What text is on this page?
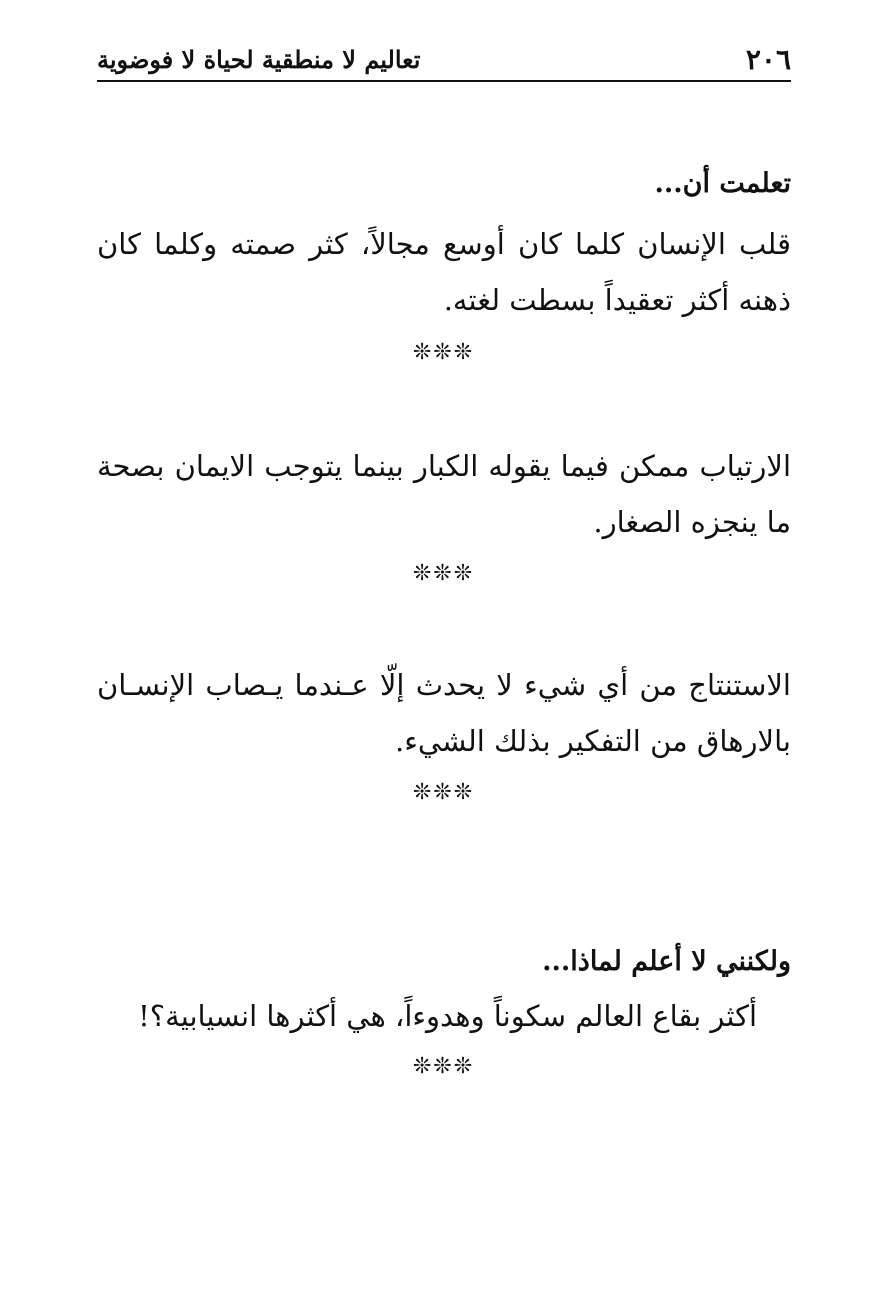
٢٠٦
تعاليم لا منطقية لحياة لا فوضوية
تعلمت أن...
قلب الإنسان كلما كان أوسع مجالاً، كثر صمته وكلما كان ذهنه أكثر تعقيداً بسطت لغته.
❊❊❊
الارتياب ممكن فيما يقوله الكبار بينما يتوجب الايمان بصحة ما ينجزه الصغار.
❊❊❊
الاستنتاج من أي شيء لا يحدث إلّا عـندما يـصاب الإنسـان بالارهاق من التفكير بذلك الشيء.
❊❊❊
ولكنني لا أعلم لماذا...
أكثر بقاع العالم سكوناً وهدوءاً، هي أكثرها انسيابية؟!
❊❊❊
